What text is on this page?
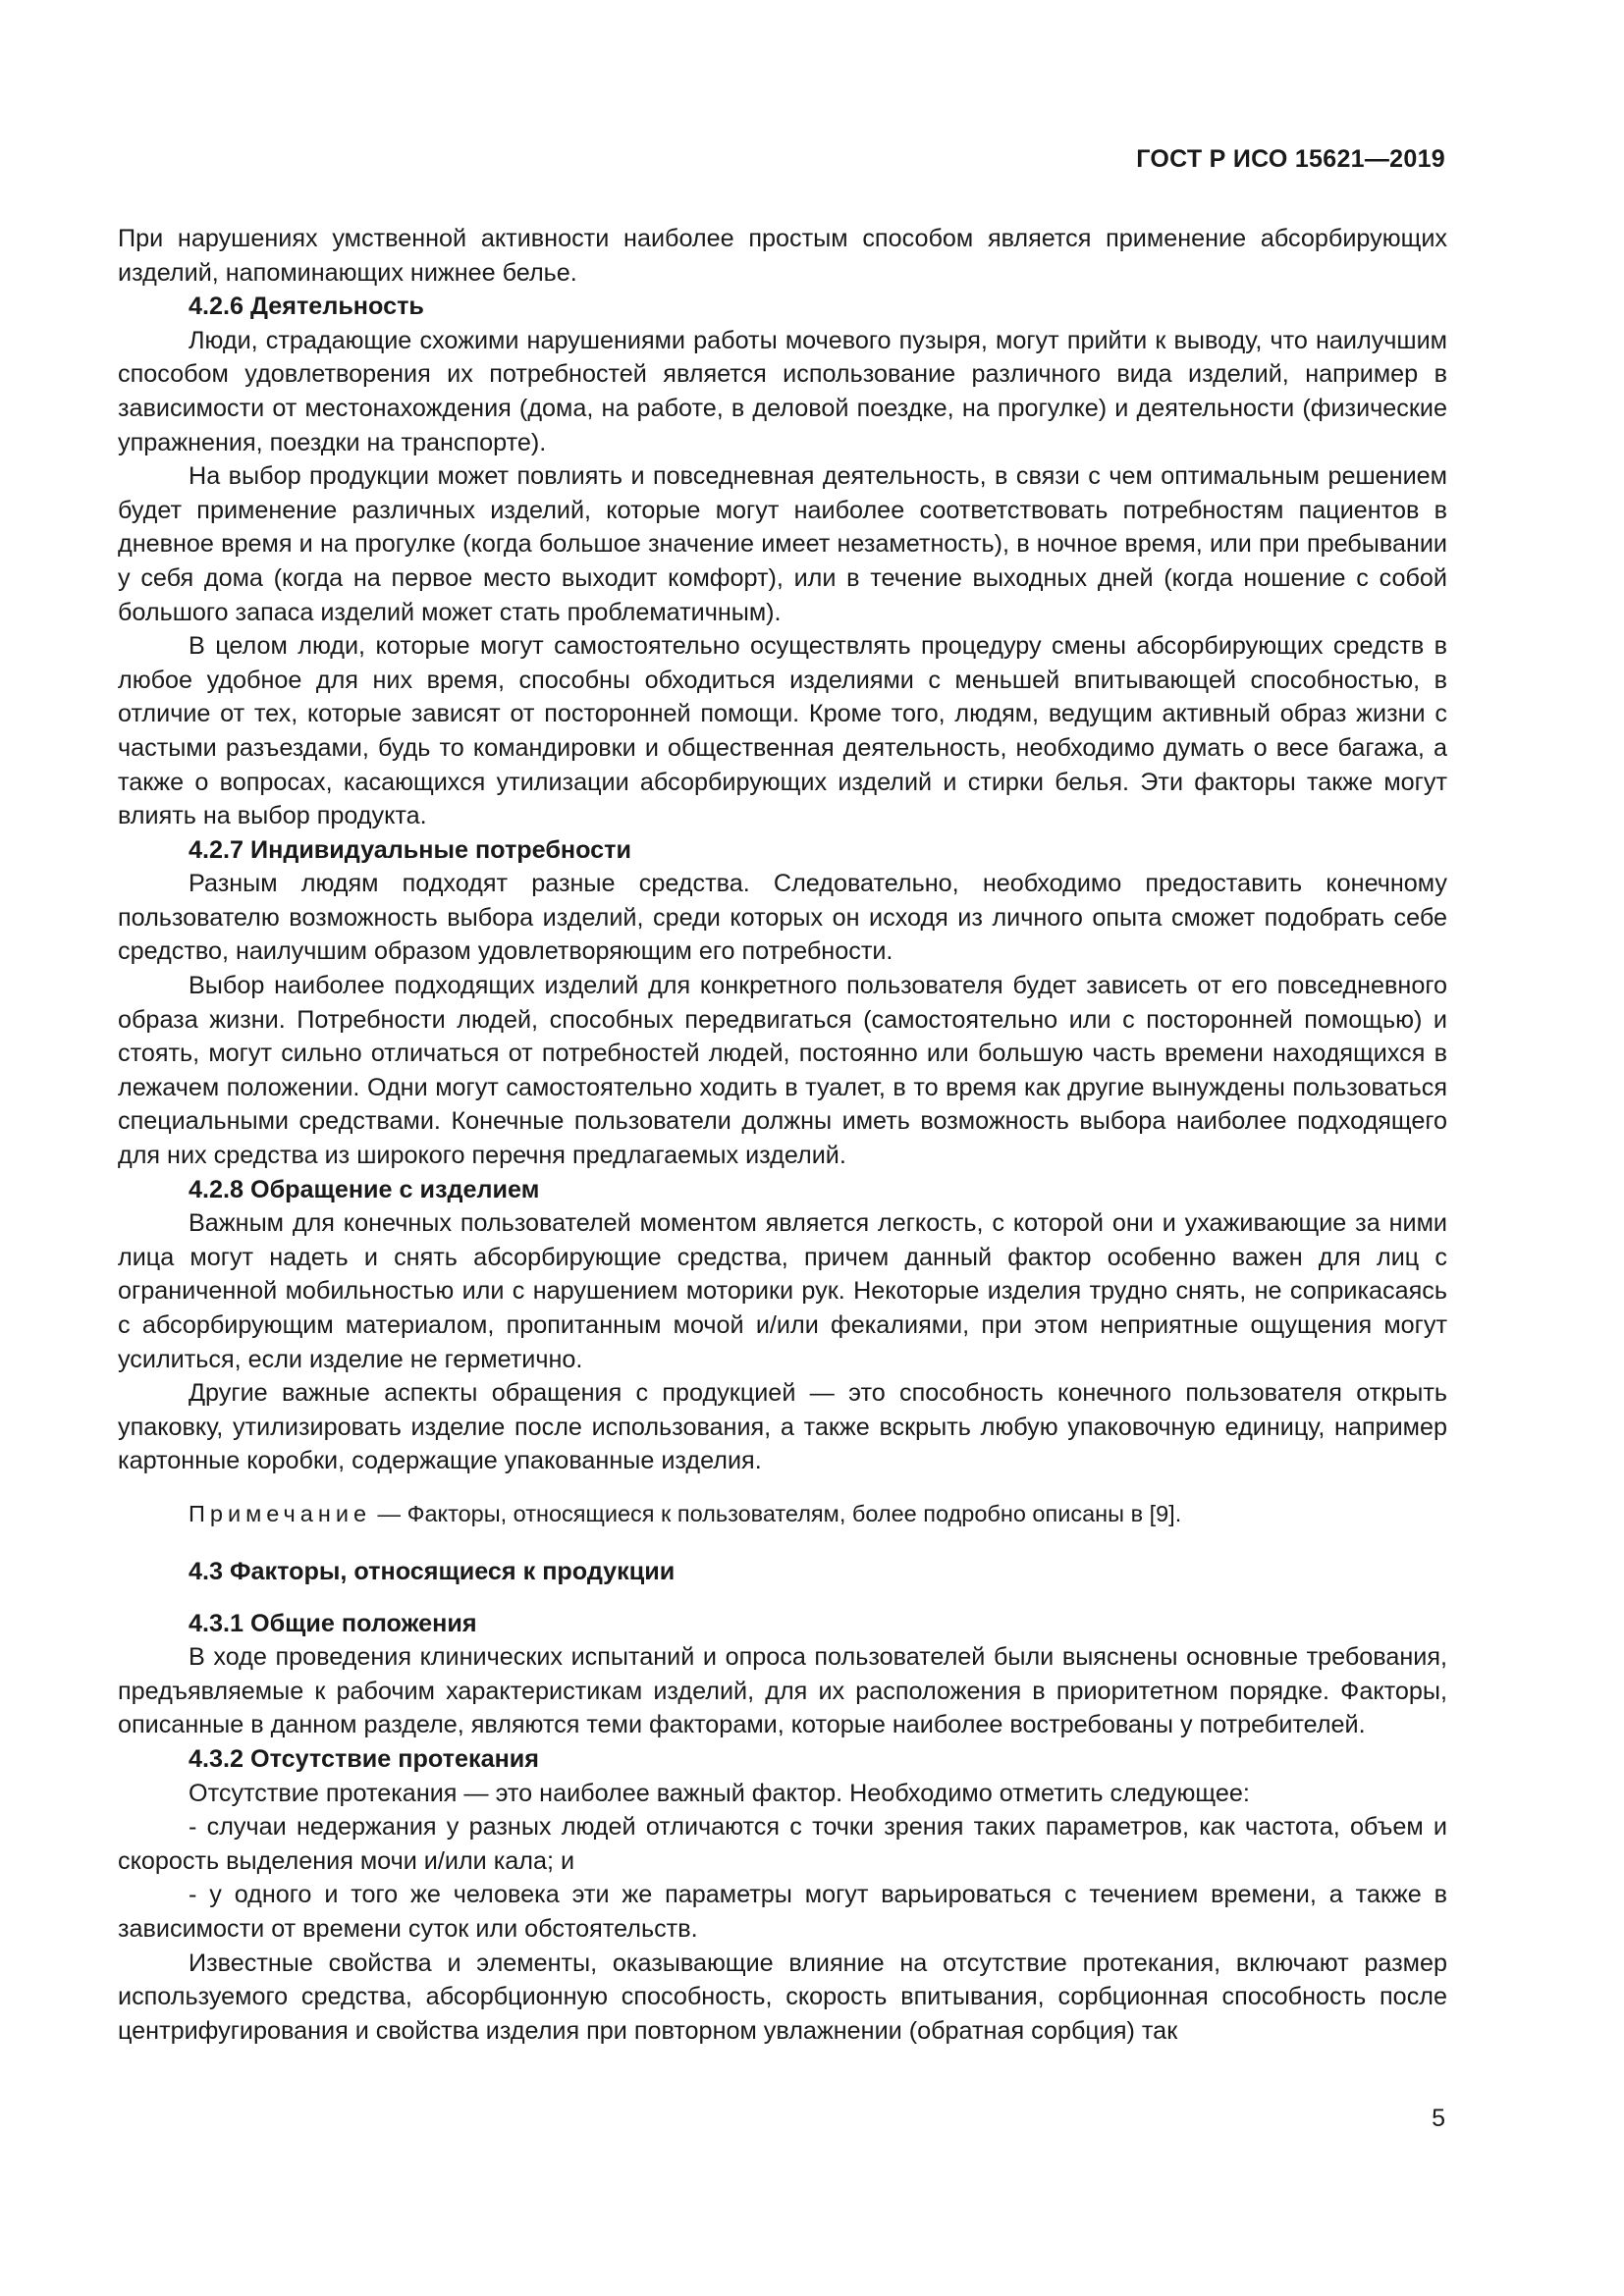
ГОСТ Р ИСО 15621—2019

При нарушениях умственной активности наиболее простым способом является применение абсорбирующих изделий, напоминающих нижнее белье.

4.2.6 Деятельность

Люди, страдающие схожими нарушениями работы мочевого пузыря, могут прийти к выводу, что наилучшим способом удовлетворения их потребностей является использование различного вида изделий, например в зависимости от местонахождения (дома, на работе, в деловой поездке, на прогулке) и деятельности (физические упражнения, поездки на транспорте).

На выбор продукции может повлиять и повседневная деятельность, в связи с чем оптимальным решением будет применение различных изделий, которые могут наиболее соответствовать потребностям пациентов в дневное время и на прогулке (когда большое значение имеет незаметность), в ночное время, или при пребывании у себя дома (когда на первое место выходит комфорт), или в течение выходных дней (когда ношение с собой большого запаса изделий может стать проблематичным).

В целом люди, которые могут самостоятельно осуществлять процедуру смены абсорбирующих средств в любое удобное для них время, способны обходиться изделиями с меньшей впитывающей способностью, в отличие от тех, которые зависят от посторонней помощи. Кроме того, людям, ведущим активный образ жизни с частыми разъездами, будь то командировки и общественная деятельность, необходимо думать о весе багажа, а также о вопросах, касающихся утилизации абсорбирующих изделий и стирки белья. Эти факторы также могут влиять на выбор продукта.

4.2.7 Индивидуальные потребности

Разным людям подходят разные средства. Следовательно, необходимо предоставить конечному пользователю возможность выбора изделий, среди которых он исходя из личного опыта сможет подобрать себе средство, наилучшим образом удовлетворяющим его потребности.

Выбор наиболее подходящих изделий для конкретного пользователя будет зависеть от его повседневного образа жизни. Потребности людей, способных передвигаться (самостоятельно или с посторонней помощью) и стоять, могут сильно отличаться от потребностей людей, постоянно или большую часть времени находящихся в лежачем положении. Одни могут самостоятельно ходить в туалет, в то время как другие вынуждены пользоваться специальными средствами. Конечные пользователи должны иметь возможность выбора наиболее подходящего для них средства из широкого перечня предлагаемых изделий.

4.2.8 Обращение с изделием

Важным для конечных пользователей моментом является легкость, с которой они и ухаживающие за ними лица могут надеть и снять абсорбирующие средства, причем данный фактор особенно важен для лиц с ограниченной мобильностью или с нарушением моторики рук. Некоторые изделия трудно снять, не соприкасаясь с абсорбирующим материалом, пропитанным мочой и/или фекалиями, при этом неприятные ощущения могут усилиться, если изделие не герметично.

Другие важные аспекты обращения с продукцией — это способность конечного пользователя открыть упаковку, утилизировать изделие после использования, а также вскрыть любую упаковочную единицу, например картонные коробки, содержащие упакованные изделия.

Примечание — Факторы, относящиеся к пользователям, более подробно описаны в [9].

4.3 Факторы, относящиеся к продукции

4.3.1 Общие положения

В ходе проведения клинических испытаний и опроса пользователей были выяснены основные требования, предъявляемые к рабочим характеристикам изделий, для их расположения в приоритетном порядке. Факторы, описанные в данном разделе, являются теми факторами, которые наиболее востребованы у потребителей.

4.3.2 Отсутствие протекания

Отсутствие протекания — это наиболее важный фактор. Необходимо отметить следующее:

- случаи недержания у разных людей отличаются с точки зрения таких параметров, как частота, объем и скорость выделения мочи и/или кала; и

- у одного и того же человека эти же параметры могут варьироваться с течением времени, а также в зависимости от времени суток или обстоятельств.

Известные свойства и элементы, оказывающие влияние на отсутствие протекания, включают размер используемого средства, абсорбционную способность, скорость впитывания, сорбционная способность после центрифугирования и свойства изделия при повторном увлажнении (обратная сорбция) так

5
